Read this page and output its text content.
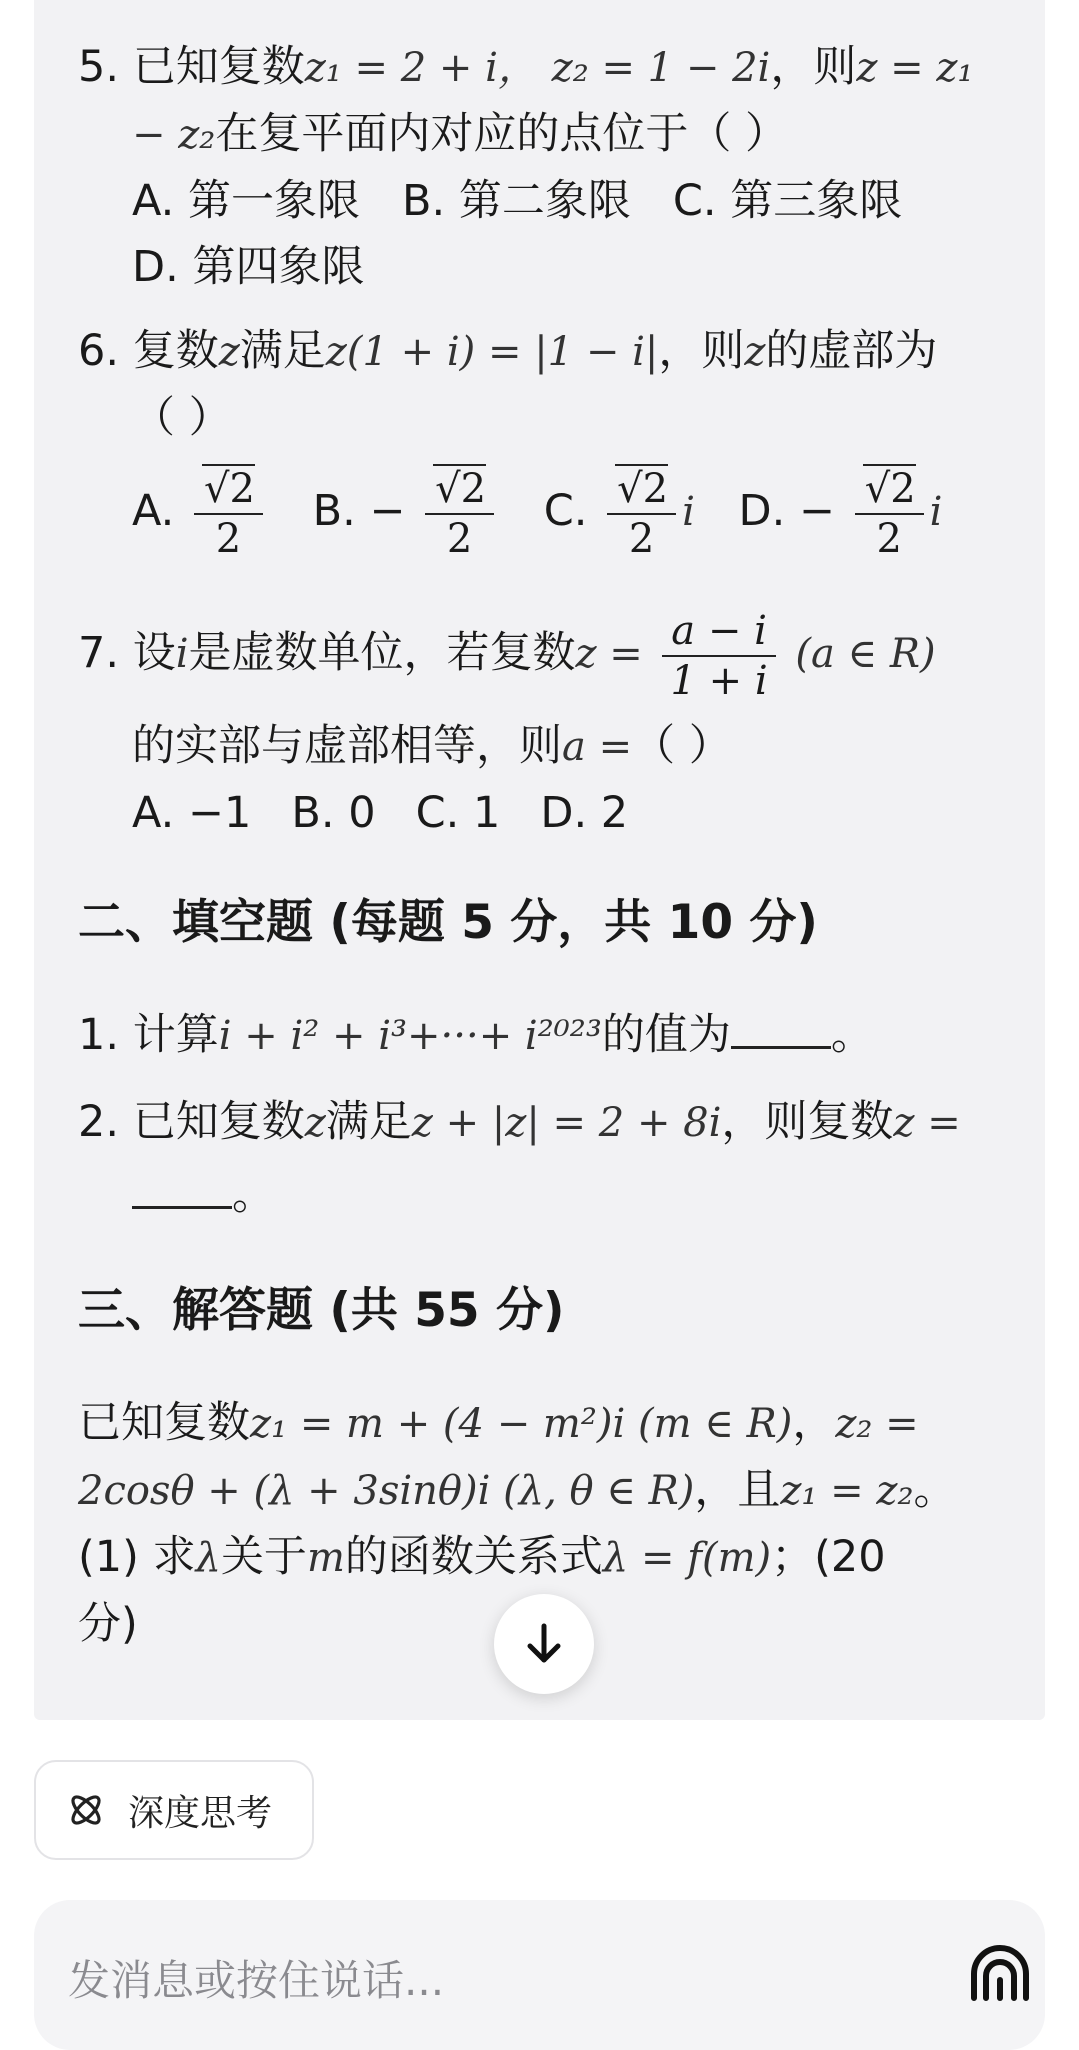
5. 已知复数z₁ = 2 + i， z₂ = 1 − 2i，则z = z₁
− z₂在复平面内对应的点位于（ ）
A. 第一象限 B. 第二象限 C. 第三象限
D. 第四象限
6. 复数z满足z(1 + i) = |1 − i|，则z的虚部为
（ ）
A. $\frac{√2}{2} B$. − $\frac{√2}{2} C$. $\frac{√2}{2}$ i D. − $\frac{√2}{2}$ i
7. 设i是虚数单位，若复数$z = \frac{a - i}{1 + i} (a$ ∈ R)
的实部与虚部相等，则a =（ ）
A. −1 B. 0 C. 1 D. 2
二、填空题 (每题 5 分，共 10 分)
1. 计算i + i² + i³+···+ i²⁰²³的值为 。
2. 已知复数z满足z + |z| = 2 + 8i，则复数z =
。
三、解答题 (共 55 分)
已知复数z₁ = m + (4 − m²)i (m ∈ R)，z₂ =
2cosθ + (λ + 3sinθ)i (λ, θ ∈ R)，且z₁ = z₂。
(1) 求λ关于m的函数关系式λ = f(m)；(20
分)
深度思考
发消息或按住说话...
